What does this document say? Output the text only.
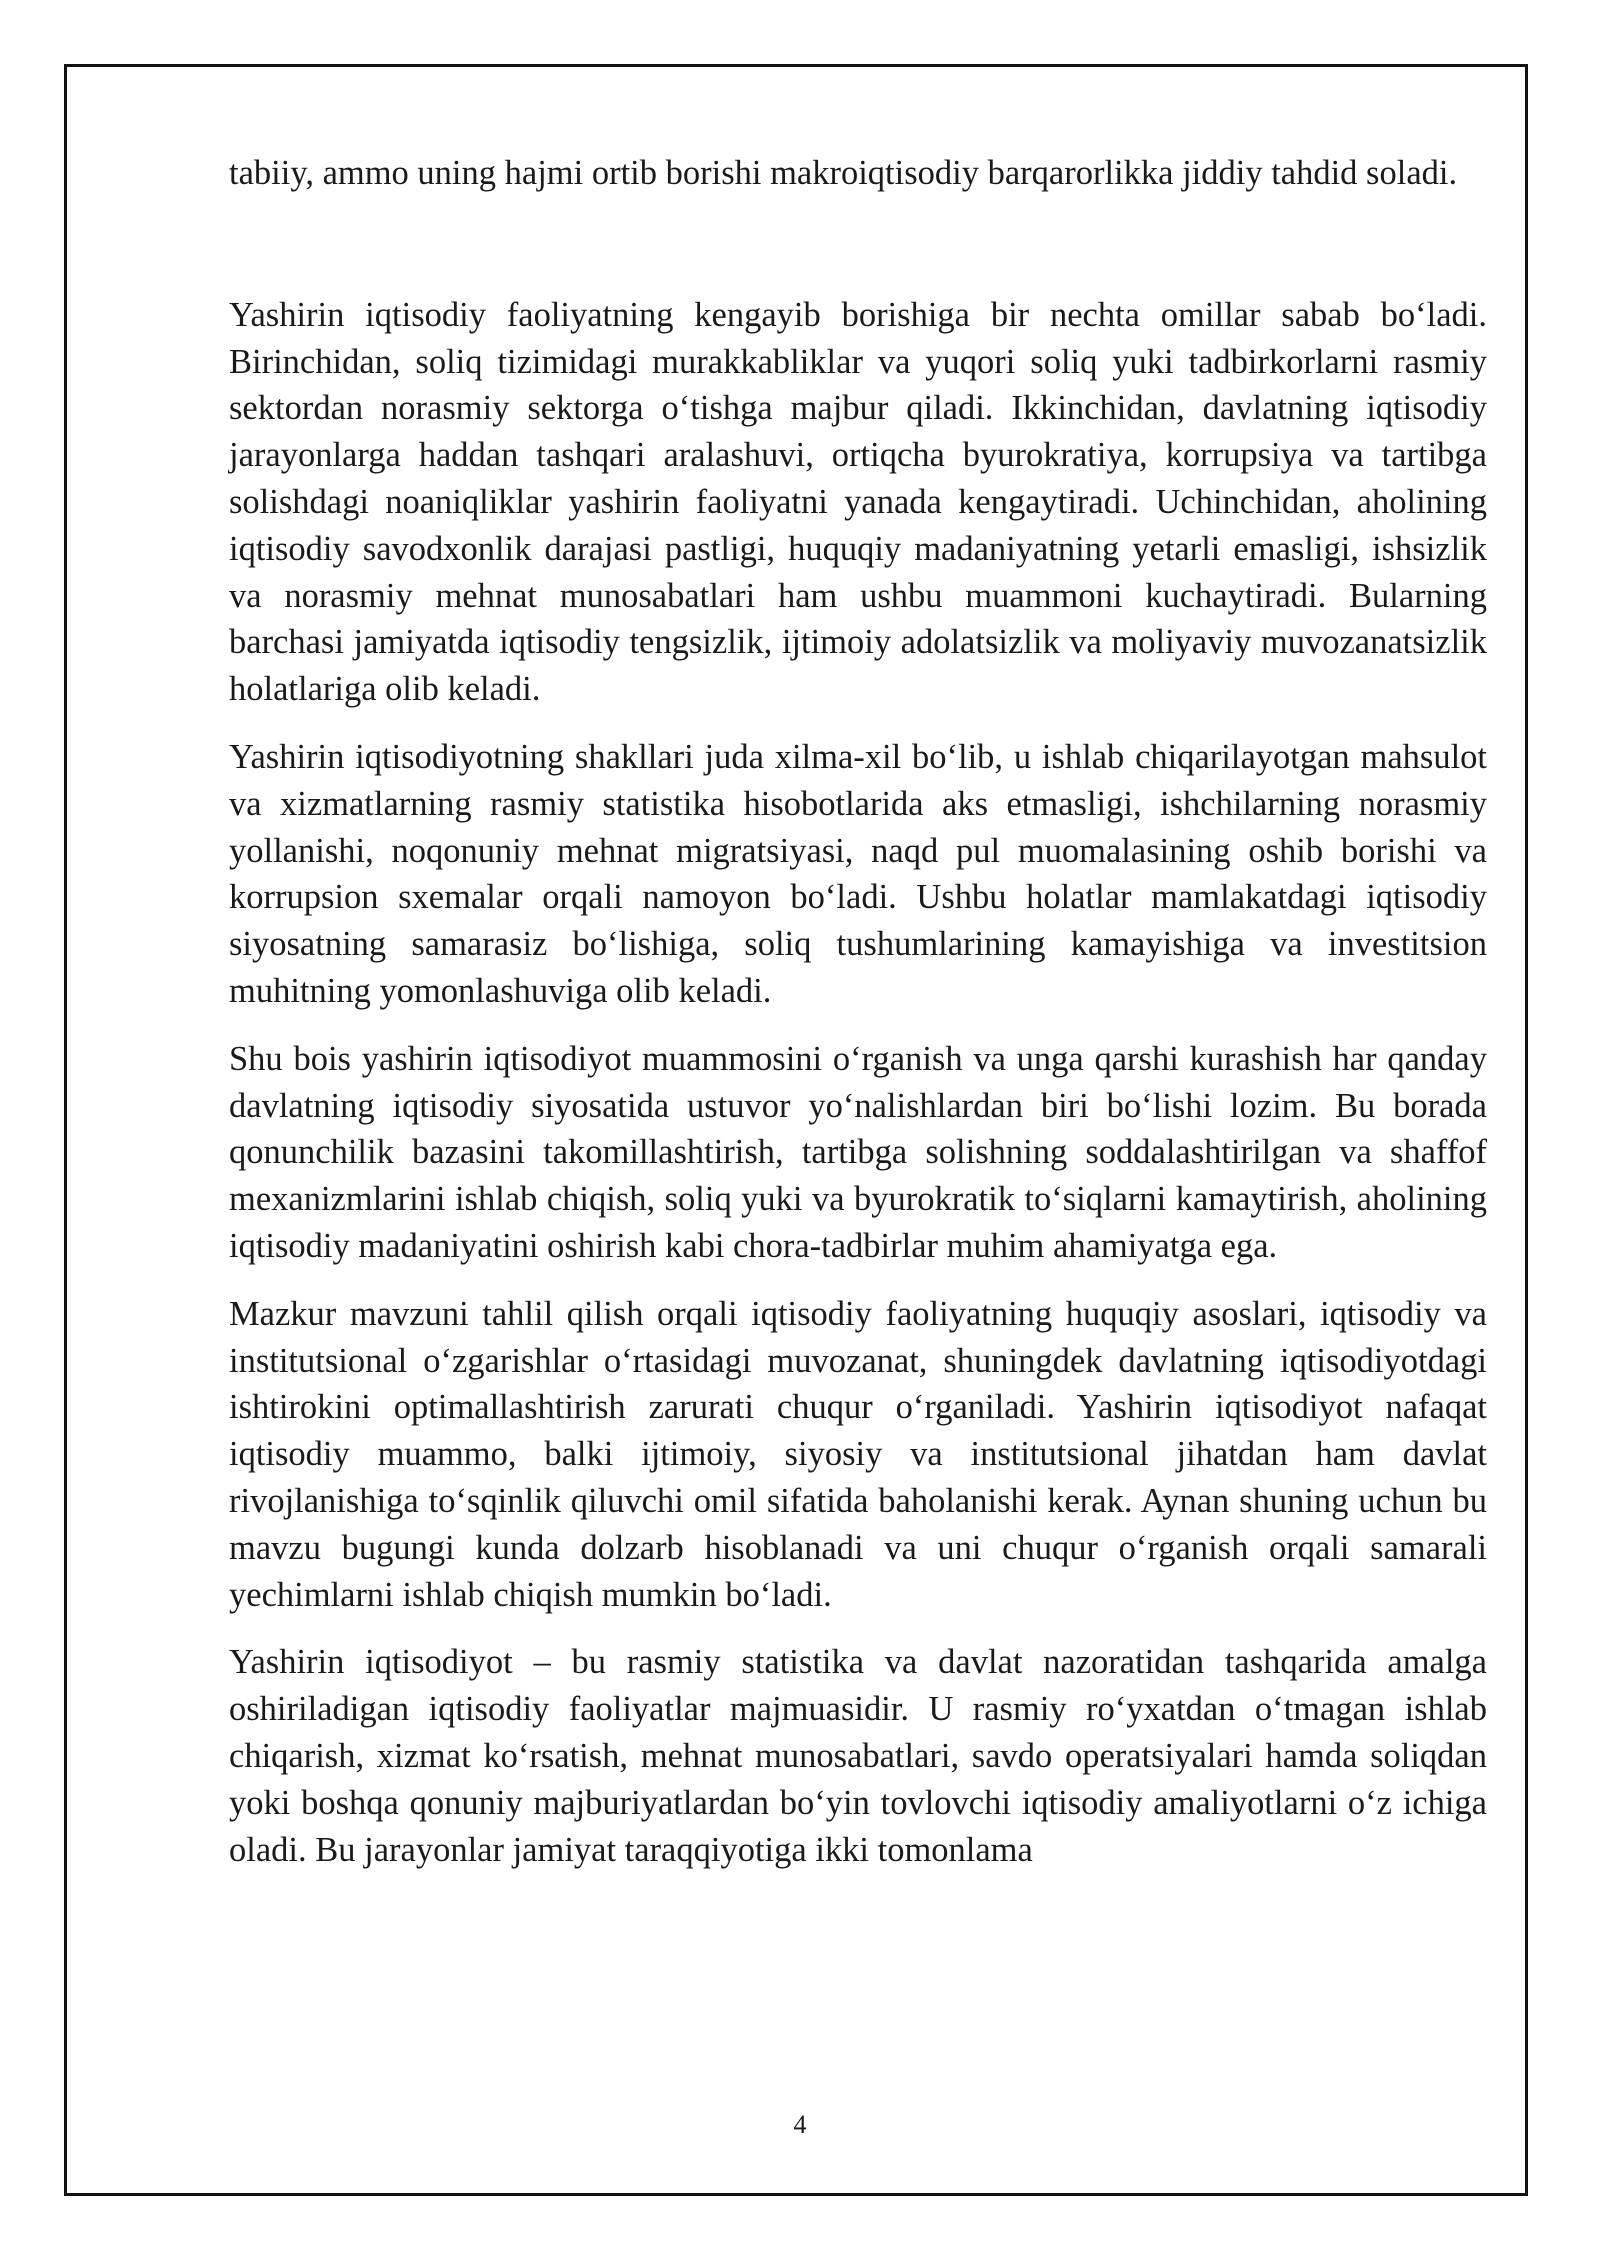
tabiiy, ammo uning hajmi ortib borishi makroiqtisodiy barqarorlikka jiddiy tahdid soladi.

Yashirin iqtisodiy faoliyatning kengayib borishiga bir nechta omillar sabab bo‘ladi. Birinchidan, soliq tizimidagi murakkabliklar va yuqori soliq yuki tadbirkorlarni rasmiy sektordan norasmiy sektorga o‘tishga majbur qiladi. Ikkinchidan, davlatning iqtisodiy jarayonlarga haddan tashqari aralashuvi, ortiqcha byurokratiya, korrupsiya va tartibga solishdagi noaniqliklar yashirin faoliyatni yanada kengaytiradi. Uchinchidan, aholining iqtisodiy savodxonlik darajasi pastligi, huquqiy madaniyatning yetarli emasligi, ishsizlik va norasmiy mehnat munosabatlari ham ushbu muammoni kuchaytiradi. Bularning barchasi jamiyatda iqtisodiy tengsizlik, ijtimoiy adolatsizlik va moliyaviy muvozanatsizlik holatlariga olib keladi.

Yashirin iqtisodiyotning shakllari juda xilma-xil bo‘lib, u ishlab chiqarilayotgan mahsulot va xizmatlarning rasmiy statistika hisobotlarida aks etmasligi, ishchilarning norasmiy yollanishi, noqonuniy mehnat migratsiyasi, naqd pul muomalasining oshib borishi va korrupsion sxemalar orqali namoyon bo‘ladi. Ushbu holatlar mamlakatdagi iqtisodiy siyosatning samarasiz bo‘lishiga, soliq tushumlarining kamayishiga va investitsion muhitning yomonlashuviga olib keladi.

Shu bois yashirin iqtisodiyot muammosini o‘rganish va unga qarshi kurashish har qanday davlatning iqtisodiy siyosatida ustuvor yo‘nalishlardan biri bo‘lishi lozim. Bu borada qonunchilik bazasini takomillashtirish, tartibga solishning soddalashtirilgan va shaffof mexanizmlarini ishlab chiqish, soliq yuki va byurokratik to‘siqlarni kamaytirish, aholining iqtisodiy madaniyatini oshirish kabi chora-tadbirlar muhim ahamiyatga ega.

Mazkur mavzuni tahlil qilish orqali iqtisodiy faoliyatning huquqiy asoslari, iqtisodiy va institutsional o‘zgarishlar o‘rtasidagi muvozanat, shuningdek davlatning iqtisodiyotdagi ishtirokini optimallashtirish zarurati chuqur o‘rganiladi. Yashirin iqtisodiyot nafaqat iqtisodiy muammo, balki ijtimoiy, siyosiy va institutsional jihatdan ham davlat rivojlanishiga to‘sqinlik qiluvchi omil sifatida baholanishi kerak. Aynan shuning uchun bu mavzu bugungi kunda dolzarb hisoblanadi va uni chuqur o‘rganish orqali samarali yechimlarni ishlab chiqish mumkin bo‘ladi.

Yashirin iqtisodiyot – bu rasmiy statistika va davlat nazoratidan tashqarida amalga oshiriladigan iqtisodiy faoliyatlar majmuasidir. U rasmiy ro‘yxatdan o‘tmagan ishlab chiqarish, xizmat ko‘rsatish, mehnat munosabatlari, savdo operatsiyalari hamda soliqdan yoki boshqa qonuniy majburiyatlardan bo‘yin tovlovchi iqtisodiy amaliyotlarni o‘z ichiga oladi. Bu jarayonlar jamiyat taraqqiyotiga ikki tomonlama

4
